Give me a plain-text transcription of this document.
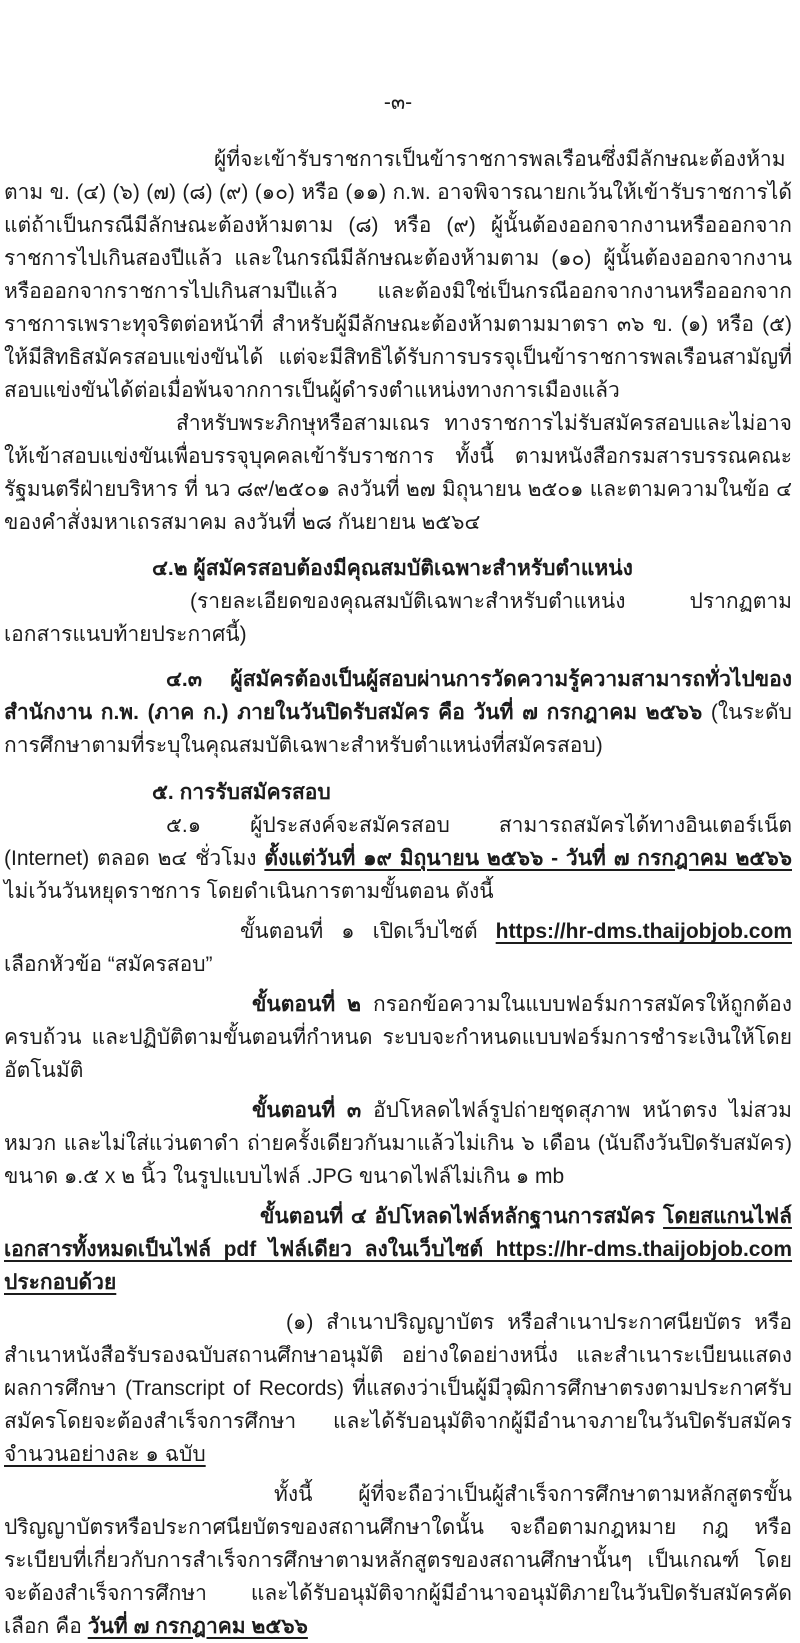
-๓-

ผู้ที่จะเข้ารับราชการเป็นข้าราชการพลเรือนซึ่งมีลักษณะต้องห้ามตาม ข. (๔) (๖) (๗) (๘) (๙) (๑๐) หรือ (๑๑) ก.พ. อาจพิจารณายกเว้นให้เข้ารับราชการได้ แต่ถ้าเป็นกรณีมีลักษณะต้องห้ามตาม (๘) หรือ (๙) ผู้นั้นต้องออกจากงานหรือออกจากราชการไปเกินสองปีแล้ว และในกรณีมีลักษณะต้องห้ามตาม (๑๐) ผู้นั้นต้องออกจากงานหรือออกจากราชการไปเกินสามปีแล้ว และต้องมิใช่เป็นกรณีออกจากงานหรือออกจากราชการเพราะทุจริตต่อหน้าที่ สำหรับผู้มีลักษณะต้องห้ามตามมาตรา ๓๖ ข. (๑) หรือ (๕) ให้มีสิทธิสมัครสอบแข่งขันได้ แต่จะมีสิทธิได้รับการบรรจุเป็นข้าราชการพลเรือนสามัญที่สอบแข่งขันได้ต่อเมื่อพ้นจากการเป็นผู้ดำรงตำแหน่งทางการเมืองแล้ว

สำหรับพระภิกษุหรือสามเณร ทางราชการไม่รับสมัครสอบและไม่อาจให้เข้าสอบแข่งขันเพื่อบรรจุบุคคลเข้ารับราชการ ทั้งนี้ ตามหนังสือกรมสารบรรณคณะรัฐมนตรีฝ่ายบริหาร ที่ นว ๘๙/๒๕๐๑ ลงวันที่ ๒๗ มิถุนายน ๒๕๐๑ และตามความในข้อ ๔ ของคำสั่งมหาเถรสมาคม ลงวันที่ ๒๘ กันยายน ๒๕๖๔

๔.๒ ผู้สมัครสอบต้องมีคุณสมบัติเฉพาะสำหรับตำแหน่ง

(รายละเอียดของคุณสมบัติเฉพาะสำหรับตำแหน่ง ปรากฏตามเอกสารแนบท้ายประกาศนี้)

๔.๓ ผู้สมัครต้องเป็นผู้สอบผ่านการวัดความรู้ความสามารถทั่วไปของสำนักงาน ก.พ. (ภาค ก.) ภายในวันปิดรับสมัคร คือ วันที่ ๗ กรกฎาคม ๒๕๖๖ (ในระดับการศึกษาตามที่ระบุในคุณสมบัติเฉพาะสำหรับตำแหน่งที่สมัครสอบ)

๕. การรับสมัครสอบ

๕.๑ ผู้ประสงค์จะสมัครสอบ สามารถสมัครได้ทางอินเตอร์เน็ต (Internet) ตลอด ๒๔ ชั่วโมง ตั้งแต่วันที่ ๑๙ มิถุนายน ๒๕๖๖ - วันที่ ๗ กรกฎาคม ๒๕๖๖ ไม่เว้นวันหยุดราชการ โดยดำเนินการตามขั้นตอน ดังนี้

ขั้นตอนที่ ๑ เปิดเว็บไซต์ https://hr-dms.thaijobjob.com เลือกหัวข้อ “สมัครสอบ”

ขั้นตอนที่ ๒ กรอกข้อความในแบบฟอร์มการสมัครให้ถูกต้องครบถ้วน และปฏิบัติตามขั้นตอนที่กำหนด ระบบจะกำหนดแบบฟอร์มการชำระเงินให้โดยอัตโนมัติ

ขั้นตอนที่ ๓ อัปโหลดไฟล์รูปถ่ายชุดสุภาพ หน้าตรง ไม่สวมหมวก และไม่ใส่แว่นตาดำ ถ่ายครั้งเดียวกันมาแล้วไม่เกิน ๖ เดือน (นับถึงวันปิดรับสมัคร) ขนาด ๑.๕ x ๒ นิ้ว ในรูปแบบไฟล์ .JPG ขนาดไฟล์ไม่เกิน ๑ mb

ขั้นตอนที่ ๔ อัปโหลดไฟล์หลักฐานการสมัคร โดยสแกนไฟล์เอกสารทั้งหมดเป็นไฟล์ pdf ไฟล์เดียว ลงในเว็บไซต์ https://hr-dms.thaijobjob.com ประกอบด้วย

(๑) สำเนาปริญญาบัตร หรือสำเนาประกาศนียบัตร หรือสำเนาหนังสือรับรองฉบับสถานศึกษาอนุมัติ อย่างใดอย่างหนึ่ง และสำเนาระเบียนแสดงผลการศึกษา (Transcript of Records) ที่แสดงว่าเป็นผู้มีวุฒิการศึกษาตรงตามประกาศรับสมัครโดยจะต้องสำเร็จการศึกษา และได้รับอนุมัติจากผู้มีอำนาจภายในวันปิดรับสมัคร จำนวนอย่างละ ๑ ฉบับ

ทั้งนี้ ผู้ที่จะถือว่าเป็นผู้สำเร็จการศึกษาตามหลักสูตรขั้นปริญญาบัตรหรือประกาศนียบัตรของสถานศึกษาใดนั้น จะถือตามกฎหมาย กฎ หรือระเบียบที่เกี่ยวกับการสำเร็จการศึกษาตามหลักสูตรของสถานศึกษานั้นๆ เป็นเกณฑ์ โดยจะต้องสำเร็จการศึกษา และได้รับอนุมัติจากผู้มีอำนาจอนุมัติภายในวันปิดรับสมัครคัดเลือก คือ วันที่ ๗ กรกฎาคม ๒๕๖๖
